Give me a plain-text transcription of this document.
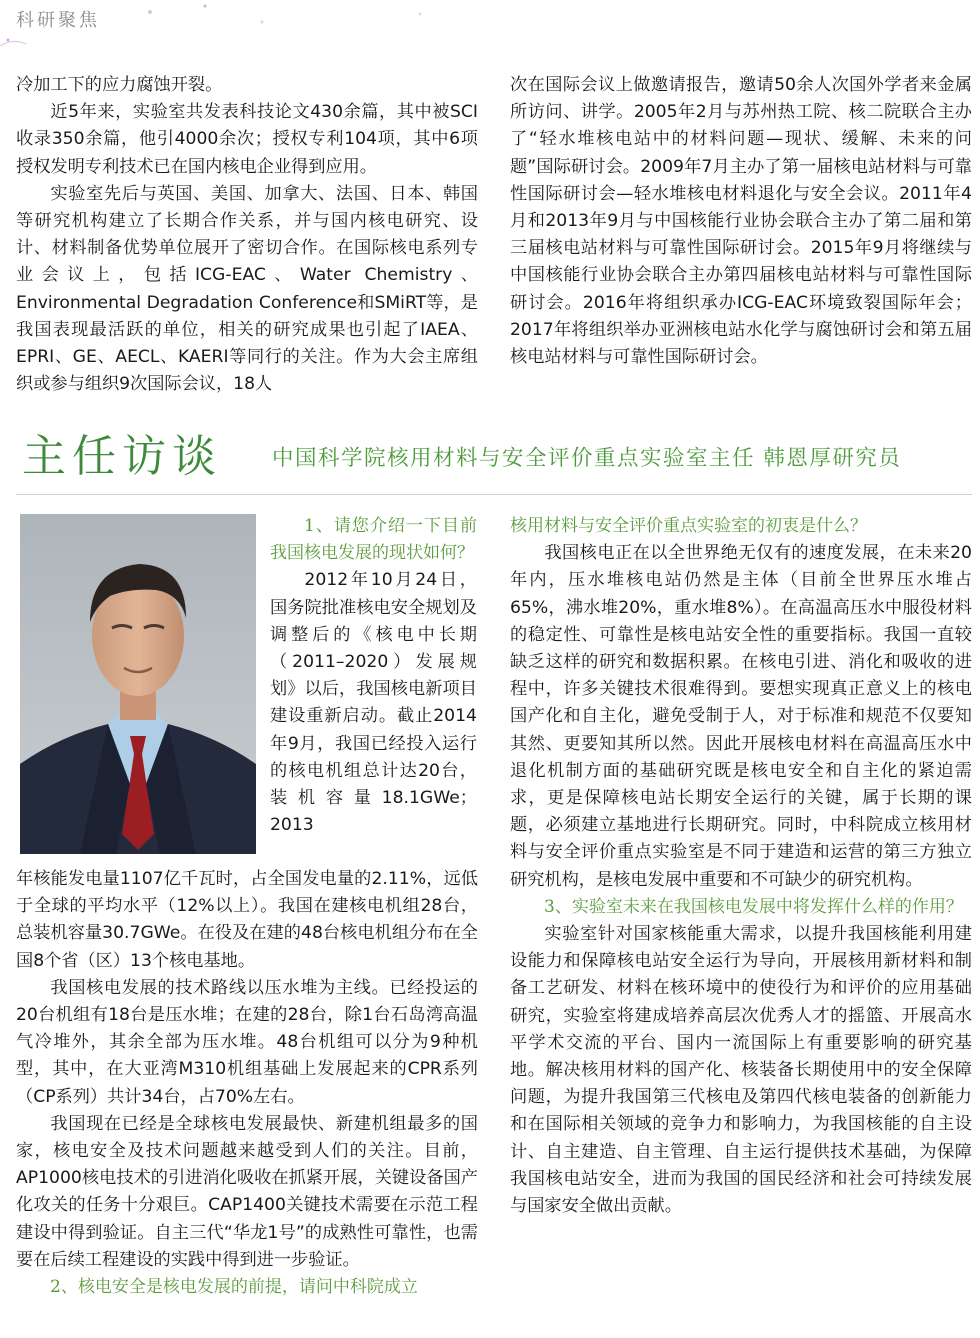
科研聚焦

冷加工下的应力腐蚀开裂。

近5年来，实验室共发表科技论文430余篇，其中被SCI收录350余篇，他引4000余次；授权专利104项，其中6项授权发明专利技术已在国内核电企业得到应用。

实验室先后与英国、美国、加拿大、法国、日本、韩国等研究机构建立了长期合作关系，并与国内核电研究、设计、材料制备优势单位展开了密切合作。在国际核电系列专业会议上，包括ICG-EAC、Water Chemistry、Environmental Degradation Conference和SMiRT等，是我国表现最活跃的单位，相关的研究成果也引起了IAEA、EPRI、GE、AECL、KAERI等同行的关注。作为大会主席组织或参与组织9次国际会议，18人

次在国际会议上做邀请报告，邀请50余人次国外学者来金属所访问、讲学。2005年2月与苏州热工院、核二院联合主办了“轻水堆核电站中的材料问题—现状、缓解、未来的问题”国际研讨会。2009年7月主办了第一届核电站材料与可靠性国际研讨会—轻水堆核电材料退化与安全会议。2011年4月和2013年9月与中国核能行业协会联合主办了第二届和第三届核电站材料与可靠性国际研讨会。2015年9月将继续与中国核能行业协会联合主办第四届核电站材料与可靠性国际研讨会。2016年将组织承办ICG-EAC环境致裂国际年会；2017年将组织举办亚洲核电站水化学与腐蚀研讨会和第五届核电站材料与可靠性国际研讨会。

主任访谈 中国科学院核用材料与安全评价重点实验室主任 韩恩厚研究员

1、请您介绍一下目前我国核电发展的现状如何？

2012年10月24日，国务院批准核电安全规划及调整后的《核电中长期（2011–2020）发展规划》以后，我国核电新项目建设重新启动。截止2014年9月，我国已经投入运行的核电机组总计达20台，装机容量18.1GWe；2013

年核能发电量1107亿千瓦时，占全国发电量的2.11%，远低于全球的平均水平（12%以上）。我国在建核电机组28台，总装机容量30.7GWe。在役及在建的48台核电机组分布在全国8个省（区）13个核电基地。

我国核电发展的技术路线以压水堆为主线。已经投运的20台机组有18台是压水堆；在建的28台，除1台石岛湾高温气冷堆外，其余全部为压水堆。48台机组可以分为9种机型，其中，在大亚湾M310机组基础上发展起来的CPR系列（CP系列）共计34台，占70%左右。

我国现在已经是全球核电发展最快、新建机组最多的国家，核电安全及技术问题越来越受到人们的关注。目前，AP1000核电技术的引进消化吸收在抓紧开展，关键设备国产化攻关的任务十分艰巨。CAP1400关键技术需要在示范工程建设中得到验证。自主三代“华龙1号”的成熟性可靠性，也需要在后续工程建设的实践中得到进一步验证。

2、核电安全是核电发展的前提，请问中科院成立

核用材料与安全评价重点实验室的初衷是什么？

我国核电正在以全世界绝无仅有的速度发展，在未来20年内，压水堆核电站仍然是主体（目前全世界压水堆占65%，沸水堆20%，重水堆8%）。在高温高压水中服役材料的稳定性、可靠性是核电站安全性的重要指标。我国一直较缺乏这样的研究和数据积累。在核电引进、消化和吸收的进程中，许多关键技术很难得到。要想实现真正意义上的核电国产化和自主化，避免受制于人，对于标准和规范不仅要知其然、更要知其所以然。因此开展核电材料在高温高压水中退化机制方面的基础研究既是核电安全和自主化的紧迫需求，更是保障核电站长期安全运行的关键，属于长期的课题，必须建立基地进行长期研究。同时，中科院成立核用材料与安全评价重点实验室是不同于建造和运营的第三方独立研究机构，是核电发展中重要和不可缺少的研究机构。

3、实验室未来在我国核电发展中将发挥什么样的作用？

实验室针对国家核能重大需求，以提升我国核能利用建设能力和保障核电站安全运行为导向，开展核用新材料和制备工艺研发、材料在核环境中的使役行为和评价的应用基础研究，实验室将建成培养高层次优秀人才的摇篮、开展高水平学术交流的平台、国内一流国际上有重要影响的研究基地。解决核用材料的国产化、核装备长期使用中的安全保障问题，为提升我国第三代核电及第四代核电装备的创新能力和在国际相关领域的竞争力和影响力，为我国核能的自主设计、自主建造、自主管理、自主运行提供技术基础，为保障我国核电站安全，进而为我国的国民经济和社会可持续发展与国家安全做出贡献。
